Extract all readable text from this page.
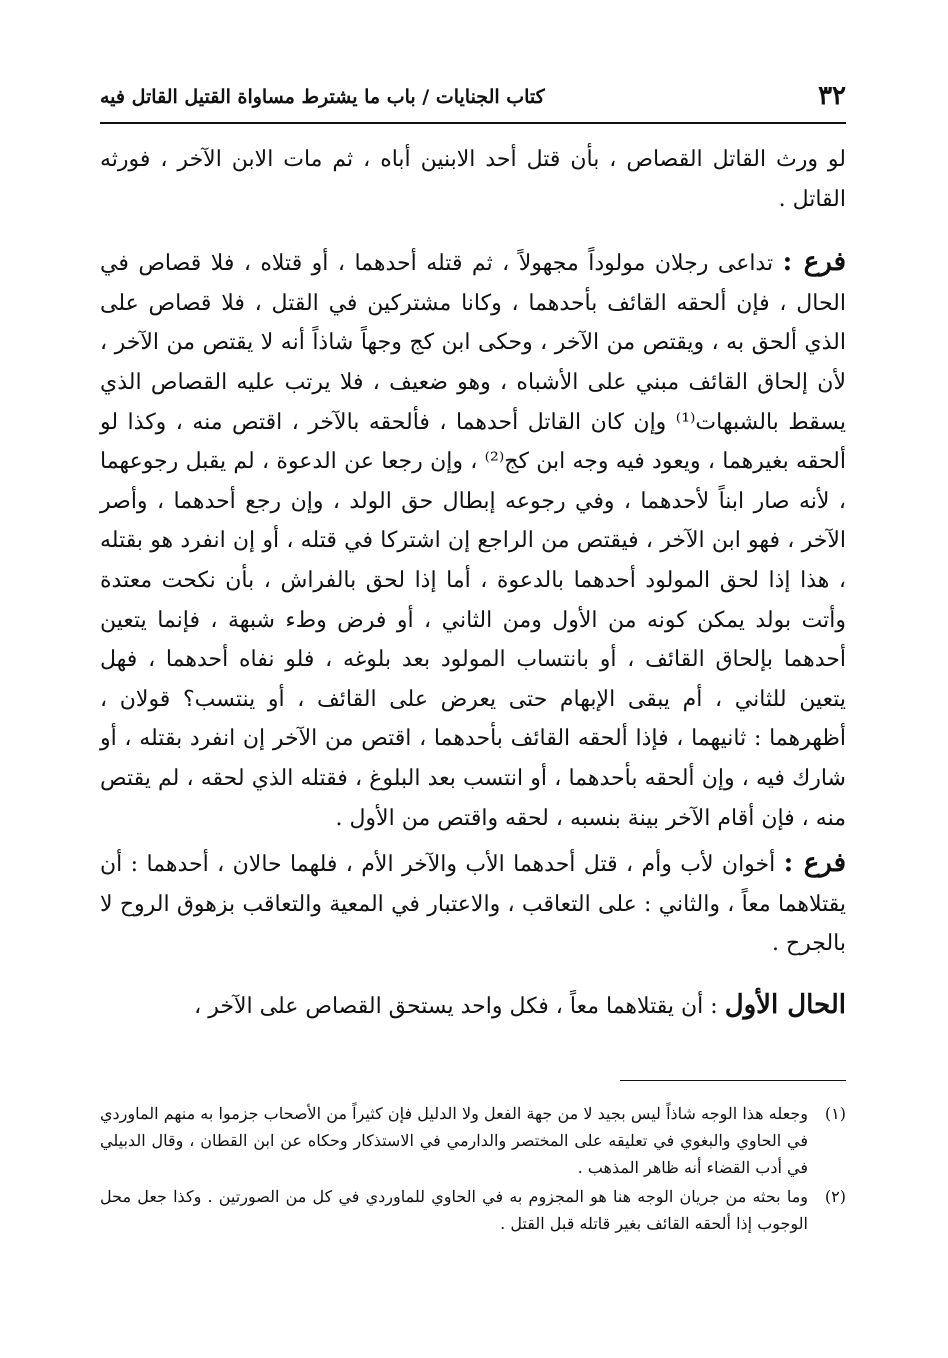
٣٢
كتاب الجنايات / باب ما يشترط مساواة القتيل القاتل فيه

لو ورث القاتل القصاص ، بأن قتل أحد الابنين أباه ، ثم مات الابن الآخر ، فورثه القاتل .

فرع : تداعى رجلان مولوداً مجهولاً ، ثم قتله أحدهما ، أو قتلاه ، فلا قصاص في الحال ، فإن ألحقه القائف بأحدهما ، وكانا مشتركين في القتل ، فلا قصاص على الذي ألحق به ، ويقتص من الآخر ، وحكى ابن كج وجهاً شاذاً أنه لا يقتص من الآخر ، لأن إلحاق القائف مبني على الأشباه ، وهو ضعيف ، فلا يرتب عليه القصاص الذي يسقط بالشبهات⁽¹⁾ وإن كان القاتل أحدهما ، فألحقه بالآخر ، اقتص منه ، وكذا لو ألحقه بغيرهما ، ويعود فيه وجه ابن كج⁽²⁾ ، وإن رجعا عن الدعوة ، لم يقبل رجوعهما ، لأنه صار ابناً لأحدهما ، وفي رجوعه إبطال حق الولد ، وإن رجع أحدهما ، وأصر الآخر ، فهو ابن الآخر ، فيقتص من الراجع إن اشتركا في قتله ، أو إن انفرد هو بقتله ، هذا إذا لحق المولود أحدهما بالدعوة ، أما إذا لحق بالفراش ، بأن نكحت معتدة وأتت بولد يمكن كونه من الأول ومن الثاني ، أو فرض وطء شبهة ، فإنما يتعين أحدهما بإلحاق القائف ، أو بانتساب المولود بعد بلوغه ، فلو نفاه أحدهما ، فهل يتعين للثاني ، أم يبقى الإبهام حتى يعرض على القائف ، أو ينتسب؟ قولان ، أظهرهما : ثانيهما ، فإذا ألحقه القائف بأحدهما ، اقتص من الآخر إن انفرد بقتله ، أو شارك فيه ، وإن ألحقه بأحدهما ، أو انتسب بعد البلوغ ، فقتله الذي لحقه ، لم يقتص منه ، فإن أقام الآخر بينة بنسبه ، لحقه واقتص من الأول .

فرع : أخوان لأب وأم ، قتل أحدهما الأب والآخر الأم ، فلهما حالان ، أحدهما : أن يقتلاهما معاً ، والثاني : على التعاقب ، والاعتبار في المعية والتعاقب بزهوق الروح لا بالجرح .

الحال الأول : أن يقتلاهما معاً ، فكل واحد يستحق القصاص على الآخر ،

(١)
وجعله هذا الوجه شاذاً ليس بجيد لا من جهة الفعل ولا الدليل فإن كثيراً من الأصحاب جزموا به منهم الماوردي في الحاوي والبغوي في تعليقه على المختصر والدارمي في الاستذكار وحكاه عن ابن القطان ، وقال الدبيلي في أدب القضاء أنه ظاهر المذهب .
(٢)
وما بحثه من جريان الوجه هنا هو المجزوم به في الحاوي للماوردي في كل من الصورتين . وكذا جعل محل الوجوب إذا ألحقه القائف بغير قاتله قبل القتل .
